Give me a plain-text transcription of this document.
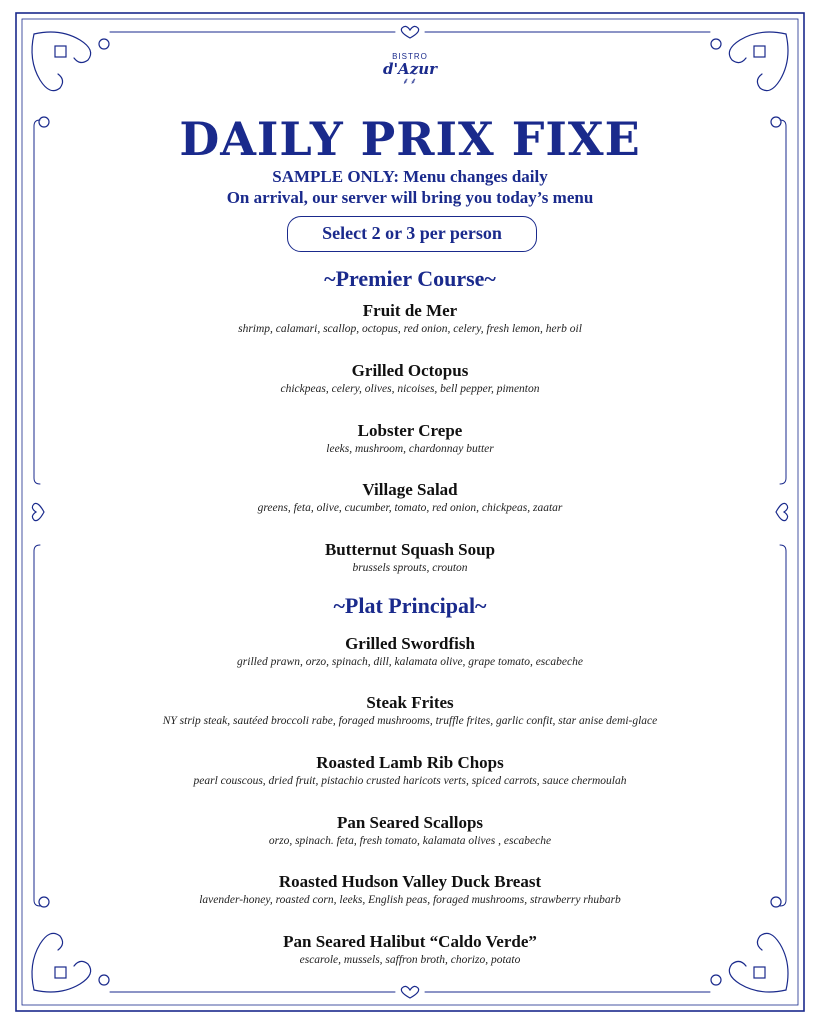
BISTRO
d'Azur
⸙⸙
DAILY PRIX FIXE
SAMPLE ONLY: Menu changes daily
On arrival, our server will bring you today’s menu
Select 2 or 3 per person
~Premier Course~
Fruit de Mer
shrimp, calamari, scallop, octopus, red onion, celery, fresh lemon, herb oil
Grilled Octopus
chickpeas, celery, olives, nicoises, bell pepper, pimenton
Lobster Crepe
leeks, mushroom, chardonnay butter
Village Salad
greens, feta, olive, cucumber, tomato, red onion, chickpeas, zaatar
Butternut Squash Soup
brussels sprouts, crouton
~Plat Principal~
Grilled Swordfish
grilled prawn, orzo, spinach, dill, kalamata olive, grape tomato, escabeche
Steak Frites
NY strip steak, sautéed broccoli rabe, foraged mushrooms, truffle frites, garlic confit, star anise demi-glace
Roasted Lamb Rib Chops
pearl couscous, dried fruit, pistachio crusted haricots verts, spiced carrots, sauce chermoulah
Pan Seared Scallops
orzo, spinach. feta, fresh tomato, kalamata olives , escabeche
Roasted Hudson Valley Duck Breast
lavender-honey, roasted corn, leeks, English peas, foraged mushrooms, strawberry rhubarb
Pan Seared Halibut “Caldo Verde”
escarole, mussels, saffron broth, chorizo, potato
